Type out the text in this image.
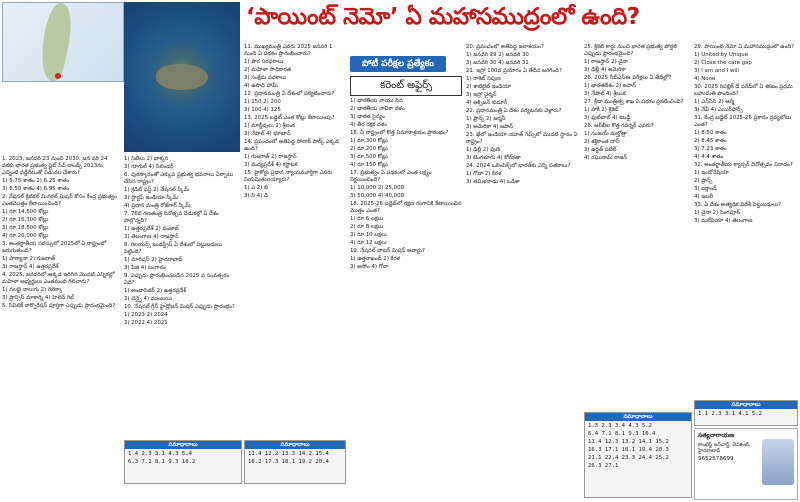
‘పాయింట్ నెమో’ ఏ మహాసముద్రంలో ఉంది?
పోటీ పరీక్షల ప్రత్యేకం
కరెంట్ అఫైర్స్

1. 2023, జనవరి 23 నుంచి 2030, జన వరి 24 వరకు భారత ప్రభుత్వ ఫ్లైట్ సేవ్ బాండ్స్ 2023ను ఎన్నింటి వడ్డీరేటుతో విడుదల చేశారు?

1) 5.75 శాతం 2) 6.25 శాతం

3) 6.50 శాతం 4) 6.95 శాతం

2. నేషనల్ క్రిటికల్ మినరల్ మిషన్ కోసం కేంద్ర ప్రభుత్వం ఎంతమొత్తం కేటాయించింది?

1) రూ.14,500 కోట్లు

2) రూ.16,300 కోట్లు

3) రూ.18,500 కోట్లు

4) రూ.20,000 కోట్లు

3. అంతర్జాతీయ సదస్సులో 2025లో ఏ రాష్ట్రంలో జరుగుతుంది?

1) హర్యానా 2) గుజరాత్

3) రాజస్థాన్ 4) ఉత్తరప్రదేశ్

4. 2025, జనవరిలో ఆక్కడ జరిగిన మొదటి ఎన్నికల్లో మహిళా అభ్యర్థులు ఎంతమంది గెలిచారు?

1) నలభై నాలుగు 2) రెబెక్కా

3) ఫ్రాన్సిస్ మాకార్ని 4) హెలెన్ గిల్

5. సిపిలిక్ కార్పొరేషన్ పూర్తిగా ఎప్పుడు ప్రారంభమైంది?

1) సిటీలు 2) భాక్కర్

3) గూగుల్ 4) సిలిండర్

6. పురస్కారంతో ఎక్కువ ప్రభుత్వ భవనాలు ఏర్పాటు చేసిన రాష్ట్రం?

1) క్రెడిట్ ఫస్ట్ 2) నేషనల్ స్కీమ్

3) స్టార్టప్ ఇండియా స్కీమ్

4) ప్రధాన మంత్రి రోజ్‌గార్ స్కీమ్

7. 76వ గణతంత్ర దినోత్సవ వేడుకల్లో ఏ దేశం పాల్గొన్నది?

1) ఉత్తరప్రదేశ్ 2) పంజాబ్

3) తెలంగాణ 4) రాజస్థాన్

8. రిలయన్స్ ఇండస్ట్రీస్ ఏ దేశంలో పెట్టుబడులు పెట్టింది?

1) మారిషస్ 2) హైదరాబాద్

3) ఫిజి 4) బంగారం

9. ఎప్పుడు ప్రారంభించబడిన 2025 వ సంవత్సరం ఏది?

1) అంబాసిడర్ 2) ఉత్తరప్రదేశ్

3) చెన్నై 4) ముంబయి

10. నేషనల్ గ్రీన్ హైడ్రోజన్ మిషన్ ఎప్పుడు ప్రారంభం?

1) 2023 2) 2024

3) 2022 4) 2021

11. ముఖ్యమంత్రి ఎవరు 2025 జనవరి 1 నుండి ఏ పథకం ప్రారంభించారు?

1) పౌర సరఫరాలు

2) మహిళా సాధికారత

3) సంక్షేమ పథకాలు

4) ఉపాధి హామీ

12. ప్రధానమంత్రి ఏ దేశంలో పర్యటించారు?

1) 150 2) 200

3) 100 4) 125

13. 2025 బడ్జెట్ ఎంత కోట్లు కేటాయింపు?

1) మాల్దీవులు 2) శ్రీలంక

3) నేపాల్ 4) భూటాన్

14. ప్రపంచంలో అతిపెద్ద సోలార్ పార్క్ ఎక్కడ ఉంది?

1) గుజరాత్ 2) రాజస్థాన్

3) మధ్యప్రదేశ్ 4) కర్ణాటక

15. హైకోర్టు ప్రధాన న్యాయమూర్తిగా ఎవరు నియమితులయ్యారు?

1) ఎ 2) బి

3) సి 4) డి

1) భారతీయ వాయు సేన

2) భారతీయ నావికా దళం

3) భారత సైన్యం

4) తీర రక్షక దళం

16. ఏ రాష్ట్రంలో కొత్త విమానాశ్రయం ప్రారంభం?

1) రూ.300 కోట్లు

2) రూ.200 కోట్లు

3) రూ.500 కోట్లు

4) రూ.150 కోట్లు

17. ప్రభుత్వం ఏ పథకంలో ఎంత లక్ష్యం నిర్ణయించింది?

1) 10,000 2) 25,000

3) 50,000 4) 40,000

18. 2025-26 బడ్జెట్‌లో రక్షణ రంగానికి కేటాయించిన మొత్తం ఎంత?

1) రూ.6 లక్షలు

2) రూ.8 లక్షలు

3) రూ.10 లక్షలు

4) రూ.12 లక్షలు

19. నేషనల్ వాటర్ మిషన్ అవార్డు?

1) ఉత్తరాఖండ్ 2) కేరళ

3) అసోం 4) గోవా

20. ప్రపంచంలో అతిపెద్ద జలాశయం?

1) జనవరి 29 2) జనవరి 30

3) జనవరి 30 4) జనవరి 31

21. ఇస్రో 100వ ప్రయోగం ఏ తేదీన జరిగింది?

1) రాకెట్ నిపుణ

2) శాటిలైట్ ఇండియా

3) ఇస్రో చైర్మన్

4) ఆక్సిజన్ కుమార్

22. ప్రధానమంత్రి ఏ దేశం పర్యటనకు వెళ్లారు?

1) ఫ్రాన్స్ 2) జర్మనీ

3) అమెరికా 4) జపాన్

23. ఖేలో ఇండియా యూత్ గేమ్స్‌లో మొదటి స్థానం ఏ రాష్ట్రం?

1) ఢిల్లీ 2) పుణె

3) బెంగళూరు 4) కోల్‌కతా

24. 2024 ఒలింపిక్స్‌లో భారత్‌కు ఎన్ని పతకాలు?

1) గోవా 2) కేరళ

3) తమిళనాడు 4) ఒడిశా

25. క్రికెట్ కార్డు నుంచి భారత ప్రభుత్వ పోర్టల్ ఎప్పుడు ప్రారంభమైంది?

1) రాజస్థాన్ 2) చైనా

3) ఢిల్లీ 4) అమెరికా

26. 2025 సీబీఎస్ఈ పరీక్షలు ఏ తేదీల్లో?

1) భారతదేశం 2) జపాన్

3) నేపాల్ 4) శ్రీలంక

27. క్రీడా మంత్రిత్వ శాఖ ఏ పథకం ప్రకటించింది?

1) హాకీ 2) క్రికెట్

3) ఫుట్‌బాల్ 4) కబడ్డీ

28. ఆర్‌బీఐ కొత్త గవర్నర్ ఎవరు?

1) సంజయ్ మల్హోత్రా

2) శక్తికాంత దాస్

3) ఉర్జిత్ పటేల్

4) రఘురామ్ రాజన్

29. పాయింట్ నెమో ఏ మహాసముద్రంలో ఉంది?

1) United by Unique

2) Close the care gap

3) I am and I will

4) None

30. 2025 రిపబ్లిక్ డే పరేడ్‌లో ఏ శకటం ప్రథమ బహుమతి పొందింది?

1) ఎన్‌సీసీ 2) ఆర్మీ

3) నేవీ 4) ఎయిర్‌ఫోర్స్

31. కేంద్ర బడ్జెట్ 2025-26 ప్రకారం ద్రవ్యలోటు ఎంత?

1) 8.50 శాతం

2) 8.45 శాతం

3) 7.23 శాతం

4) 4.4 శాతం

32. అంతర్జాతీయ క్యాన్సర్ దినోత్సవం నినాదం?

1) ఇండోనేషియా

2) ఫ్రాన్స్

3) ఐర్లాండ్

4) ఇటలీ

33. ఏ దేశం అత్యధిక విదేశీ పెట్టుబడులు?

1) చైనా 2) సింగపూర్

3) మలేషియా 4) తెలంగాణ

సమాధానాలు
1.4 2.3 3.1 4.3 5.4
6.3 7.1 8.1 9.3 10.2
సమాధానాలు
11.4 12.2 13.3 14.2 15.4
16.2 17.3 18.1 19.2 20.4
సమాధానాలు
1.3 2.3 3.4 4.3 5.2
6.4 7.1 8.1 9.3 10.4
11.4 12.3 13.2 14.1 15.2
16.3 17.1 18.1 19.4 20.3
21.1 22.4 23.3 24.4 25.2
26.3 27.1
సమాధానాలు
1.1 2.3 3.1 4.1 5.2
సత్యనారాయణ
కాంటెస్ట్ ఇన్‌చార్జ్, చెవికంటి, హైదరాబాద్
9652578699
